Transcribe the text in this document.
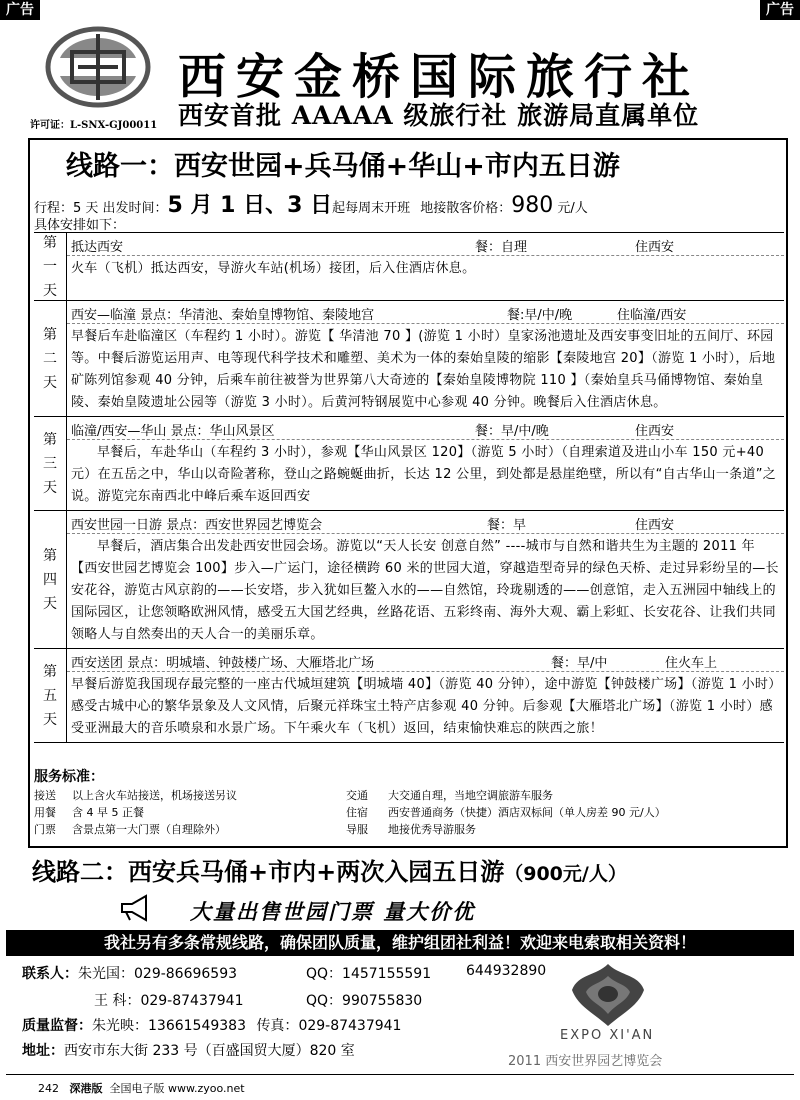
广告	广告
许可证：L-SNX-GJ00011
西安金桥国际旅行社
西安首批 AAAAA 级旅行社 旅游局直属单位
线路一：西安世园+兵马俑+华山+市内五日游
行程：5 天 出发时间：5 月 1 日、3 日起每周末开班 地接散客价格：980 元/人
具体安排如下：
第
一
天
抵达西安	餐：自理	住西安
火车（飞机）抵达西安，导游火车站(机场）接团，后入住酒店休息。
第
二
天
西安—临潼 景点：华清池、秦始皇博物馆、秦陵地宫	餐:早/中/晚	住临潼/西安
早餐后车赴临潼区（车程约 1 小时）。游览【 华清池 70 】(游览 1 小时）皇家汤池遗址及西安事变旧址的五间厅、环园等。中餐后游览运用声、电等现代科学技术和雕塑、美术为一体的秦始皇陵的缩影【秦陵地宫 20】（游览 1 小时），后地矿陈列馆参观 40 分钟，后乘车前往被誉为世界第八大奇迹的【秦始皇陵博物院 110 】（秦始皇兵马俑博物馆、秦始皇陵、秦始皇陵遗址公园等（游览 3 小时）。后黄河特钢展览中心参观 40 分钟。晚餐后入住酒店休息。
第
三
天
临潼/西安—华山 景点：华山风景区	餐：早/中/晚	住西安
早餐后，车赴华山（车程约 3 小时），参观【华山风景区 120】（游览 5 小时）（自理索道及进山小车 150 元+40 元）在五岳之中，华山以奇险著称，登山之路蜿蜒曲折，长达 12 公里，到处都是悬崖绝壁，所以有“自古华山一条道”之说。游览完东南西北中峰后乘车返回西安
第
四
天
西安世园一日游 景点：西安世界园艺博览会	餐：早	住西安
早餐后，酒店集合出发赴西安世园会场。游览以“天人长安 创意自然” ----城市与自然和谐共生为主题的 2011 年【西安世园艺博览会 100】步入—广运门，途径横跨 60 米的世园大道，穿越造型奇异的绿色天桥、走过异彩纷呈的—长安花谷，游览古风京韵的——长安塔，步入犹如巨鳌入水的——自然馆，玲珑剔透的——创意馆，走入五洲园中轴线上的国际园区，让您领略欧洲风情，感受五大国艺经典，丝路花语、五彩终南、海外大观、霸上彩虹、长安花谷、让我们共同领略人与自然奏出的天人合一的美丽乐章。
第
五
天
西安送团 景点：明城墙、钟鼓楼广场、大雁塔北广场	餐：早/中	住火车上
早餐后游览我国现存最完整的一座古代城垣建筑【明城墙 40】（游览 40 分钟），途中游览【钟鼓楼广场】（游览 1 小时）感受古城中心的繁华景象及人文风情，后聚元祥珠宝土特产店参观 40 分钟。后参观【大雁塔北广场】（游览 1 小时）感受亚洲最大的音乐喷泉和水景广场。下午乘火车（飞机）返回，结束愉快难忘的陕西之旅！
服务标准：
接送 以上含火车站接送，机场接送另议	交通 大交通自理，当地空调旅游车服务
用餐 含 4 早 5 正餐	住宿 西安普通商务（快捷）酒店双标间（单人房差 90 元/人）
门票 含景点第一大门票（自理除外）	导服 地接优秀导游服务
线路二：西安兵马俑+市内+两次入园五日游（900元/人）
大量出售世园门票 量大价优
我社另有多条常规线路，确保团队质量，维护组团社利益！欢迎来电索取相关资料！
联系人：朱光国：029-86696593	QQ：1457155591 644932890
王 科：029-87437941	QQ：990755830
质量监督：朱光映：13661549383 传真：029-87437941
地址：西安市东大街 233 号（百盛国贸大厦）820 室
EXPO XI'AN
2011 西安世界园艺博览会
242 深港版 全国电子版 www.zyoo.net
